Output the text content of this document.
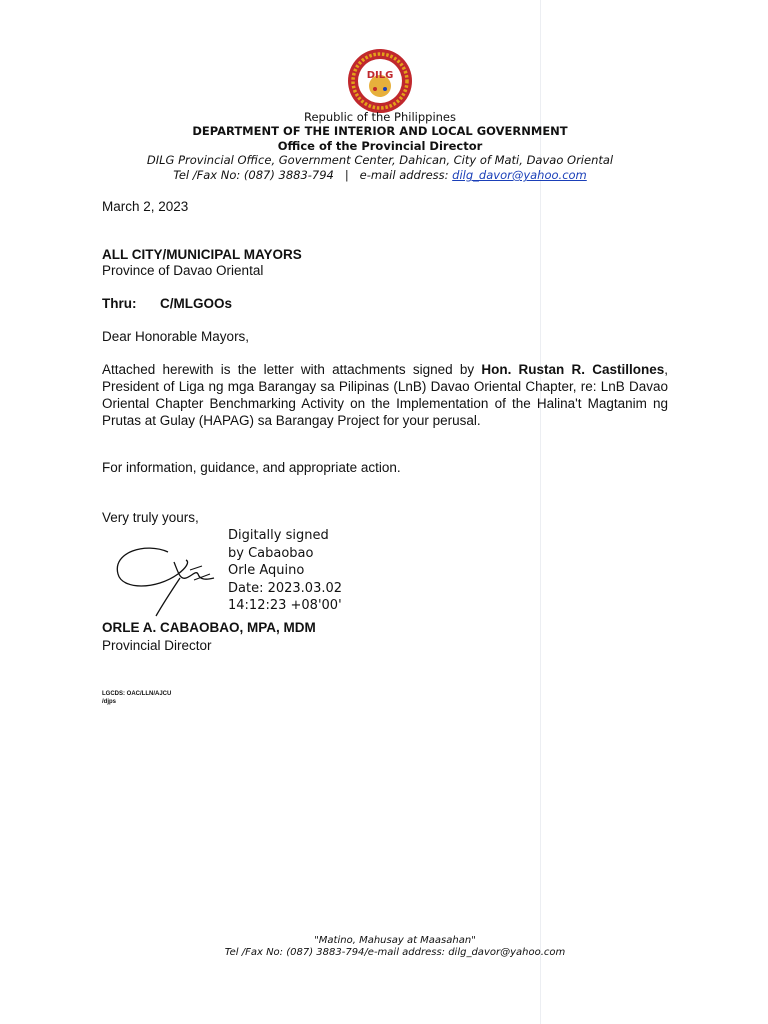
DILG
Republic of the Philippines
DEPARTMENT OF THE INTERIOR AND LOCAL GOVERNMENT
Office of the Provincial Director
DILG Provincial Office, Government Center, Dahican, City of Mati, Davao Oriental
Tel /Fax No: (087) 3883-794   |   e-mail address: dilg_davor@yahoo.com
March 2, 2023
ALL CITY/MUNICIPAL MAYORS
Province of Davao Oriental
Thru: C/MLGOOs
Dear Honorable Mayors,
Attached herewith is the letter with attachments signed by Hon. Rustan R. Castillones, President of Liga ng mga Barangay sa Pilipinas (LnB) Davao Oriental Chapter, re: LnB Davao Oriental Chapter Benchmarking Activity on the Implementation of the Halina't Magtanim ng Prutas at Gulay (HAPAG) sa Barangay Project for your perusal.
For information, guidance, and appropriate action.
Very truly yours,
Digitally signed
by Cabaobao
Orle Aquino
Date: 2023.03.02
14:12:23 +08'00'
ORLE A. CABAOBAO, MPA, MDM
Provincial Director
LGCDS: OAC/LLN/AJCU
/djps
"Matino, Mahusay at Maasahan"
Tel /Fax No: (087) 3883-794/e-mail address: dilg_davor@yahoo.com
